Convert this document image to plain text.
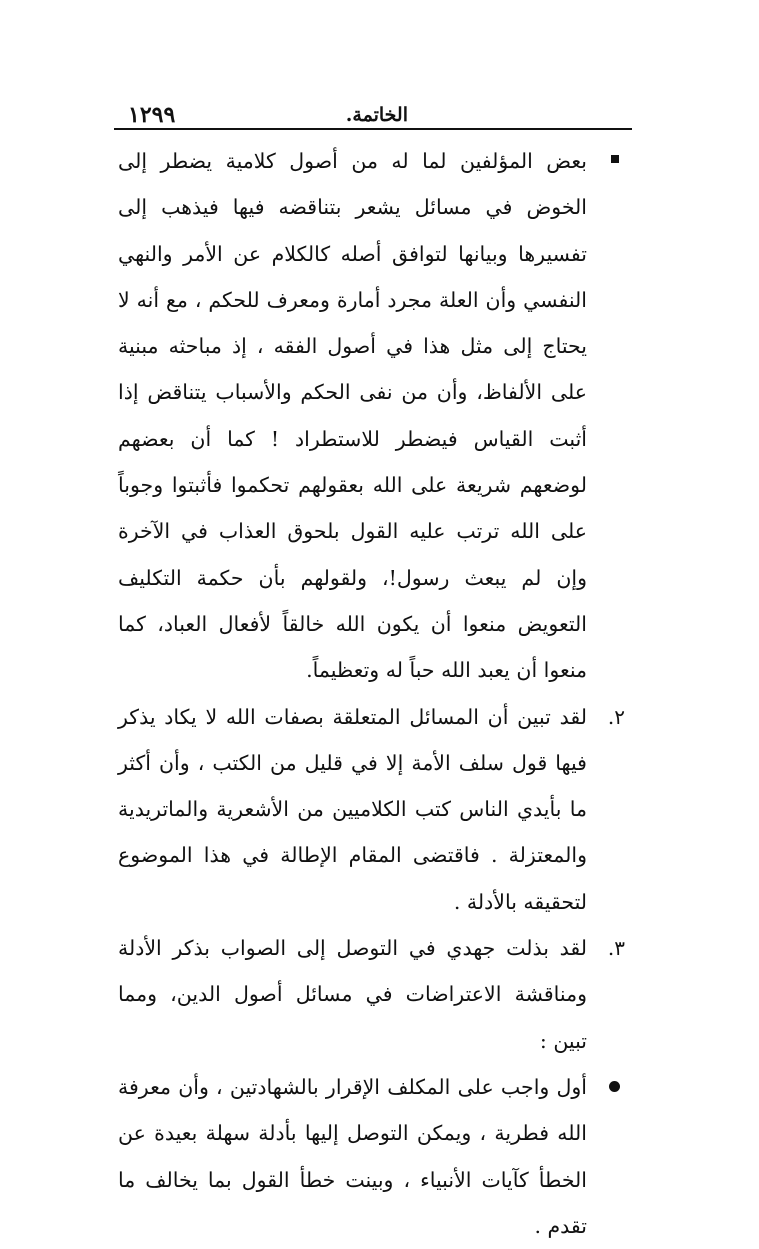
الخاتمة.
١٢٩٩
بعض المؤلفين لما له من أصول كلامية يضطر إلى الخوض في مسائل يشعر بتناقضه فيها فيذهب إلى تفسيرها وبيانها لتوافق أصله كالكلام عن الأمر والنهي النفسي وأن العلة مجرد أمارة ومعرف للحكم ، مع أنه لا يحتاج إلى مثل هذا في أصول الفقه ، إذ مباحثه مبنية على الألفاظ، وأن من نفى الحكم والأسباب يتناقض إذا أثبت القياس فيضطر للاستطراد ! كما أن بعضهم لوضعهم شريعة على الله بعقولهم تحكموا فأثبتوا وجوباً على الله ترتب عليه القول بلحوق العذاب في الآخرة وإن لم يبعث رسول!، ولقولهم بأن حكمة التكليف التعويض منعوا أن يكون الله خالقاً لأفعال العباد، كما منعوا أن يعبد الله حباً له وتعظيماً.
٢.
لقد تبين أن المسائل المتعلقة بصفات الله لا يكاد يذكر فيها قول سلف الأمة إلا في قليل من الكتب ، وأن أكثر ما بأيدي الناس كتب الكلاميين من الأشعرية والماتريدية والمعتزلة . فاقتضى المقام الإطالة في هذا الموضوع لتحقيقه بالأدلة .
٣.
لقد بذلت جهدي في التوصل إلى الصواب بذكر الأدلة ومناقشة الاعتراضات في مسائل أصول الدين، ومما تبين :
أول واجب على المكلف الإقرار بالشهادتين ، وأن معرفة الله فطرية ، ويمكن التوصل إليها بأدلة سهلة بعيدة عن الخطأ كآيات الأنبياء ، وبينت خطأ القول بما يخالف ما تقدم .
